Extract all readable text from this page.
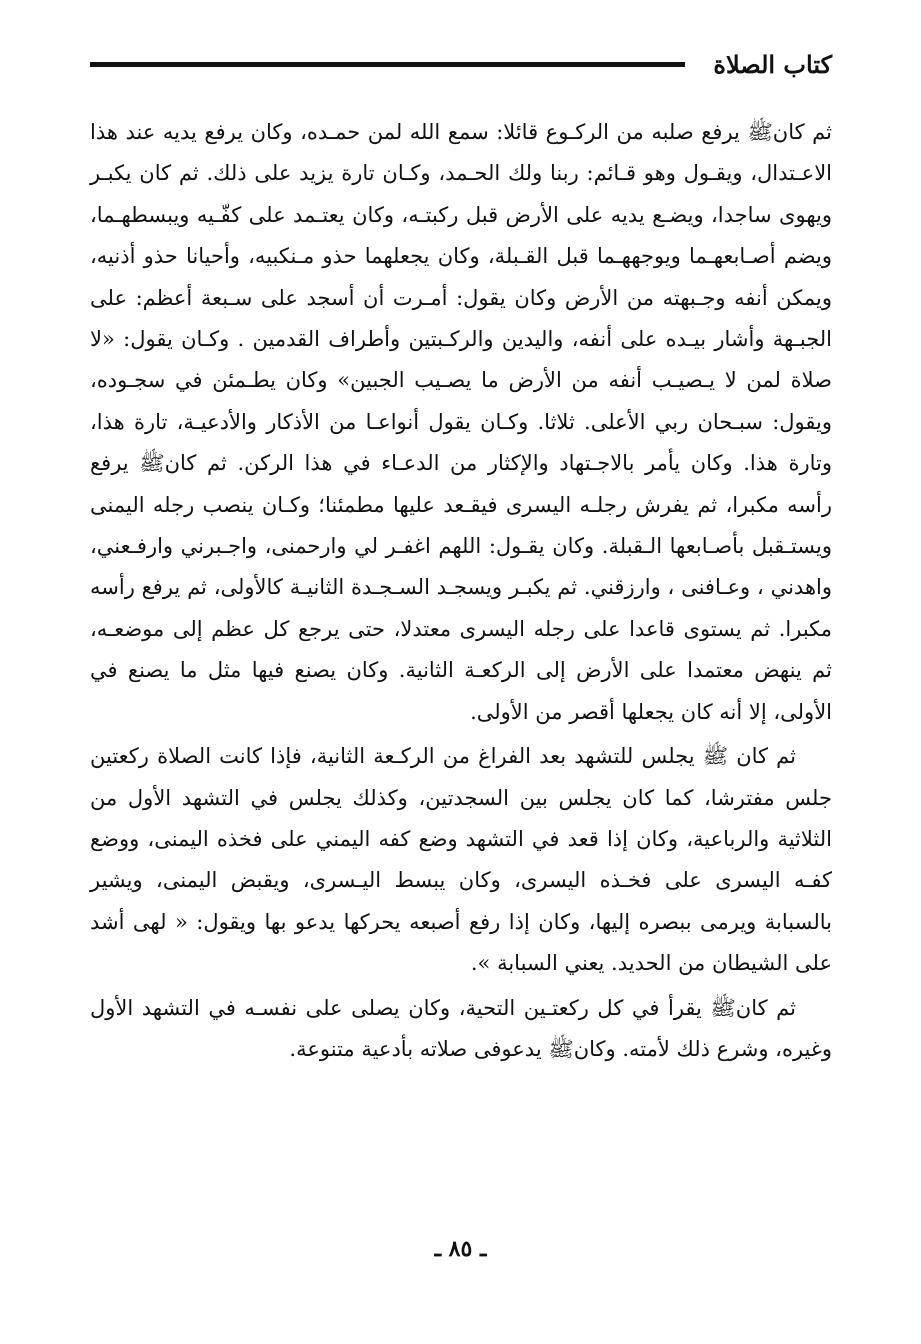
كتاب الصلاة

ثم كانﷺ يرفع صلبه من الركـوع قائلا: سمع الله لمن حمـده، وكان يرفع يديه عند هذا الاعـتدال، ويقـول وهو قـائم: ربنا ولك الحـمد، وكـان تارة يزيد على ذلك. ثم كان يكبـر ويهوى ساجدا، ويضـع يديه على الأرض قبل ركبتـه، وكان يعتـمد على كفّـيه ويبسطهـما، ويضم أصـابعهـما ويوجههـما قبل القـبلة، وكان يجعلهما حذو مـنكبيه، وأحيانا حذو أذنيه، ويمكن أنفه وجـبهته من الأرض وكان يقول: أمـرت أن أسجد على سـبعة أعظم: على الجبـهة وأشار بيـده على أنفه، واليدين والركـبتين وأطراف القدمين . وكـان يقول: «لا صلاة لمن لا يـصيـب أنفه من الأرض ما يصـيب الجبين» وكان يطـمئن في سجـوده، ويقول: سبـحان ربي الأعلى. ثلاثا. وكـان يقول أنواعـا من الأذكار والأدعيـة، تارة هذا، وتارة هذا. وكان يأمر بالاجـتهاد والإكثار من الدعـاء في هذا الركن. ثم كانﷺ يرفع رأسه مكبرا، ثم يفرش رجلـه اليسرى فيقـعد عليها مطمئنا؛ وكـان ينصب رجله اليمنى ويستـقبل بأصـابعها الـقبلة. وكان يقـول: اللهم اغفـر لي وارحمنى، واجـبرني وارفـعني، واهدني ، وعـافنى ، وارزقني. ثم يكبـر ويسجـد السـجـدة الثانيـة كالأولى، ثم يرفع رأسه مكبرا. ثم يستوى قاعدا على رجله اليسرى معتدلا، حتى يرجع كل عظم إلى موضعـه، ثم ينهض معتمدا على الأرض إلى الركعـة الثانية. وكان يصنع فيها مثل ما يصنع في الأولى، إلا أنه كان يجعلها أقصر من الأولى.

ثم كان ﷺ يجلس للتشهد بعد الفراغ من الركـعة الثانية، فإذا كانت الصلاة ركعتين جلس مفترشا، كما كان يجلس بين السجدتين، وكذلك يجلس في التشهد الأول من الثلاثية والرباعية، وكان إذا قعد في التشهد وضع كفه اليمني على فخذه اليمنى، ووضع كفـه اليسرى على فخـذه اليسرى، وكان يبسط اليـسرى، ويقبض اليمنى، ويشير بالسبابة ويرمى ببصره إليها، وكان إذا رفع أصبعه يحركها يدعو بها ويقول: « لهى أشد على الشيطان من الحديد. يعني السبابة ».

ثم كانﷺ يقرأ في كل ركعتـين التحية، وكان يصلى على نفسـه في التشهد الأول وغيره، وشرع ذلك لأمته. وكانﷺ يدعوفى صلاته بأدعية متنوعة.

ـ ٨٥ ـ
